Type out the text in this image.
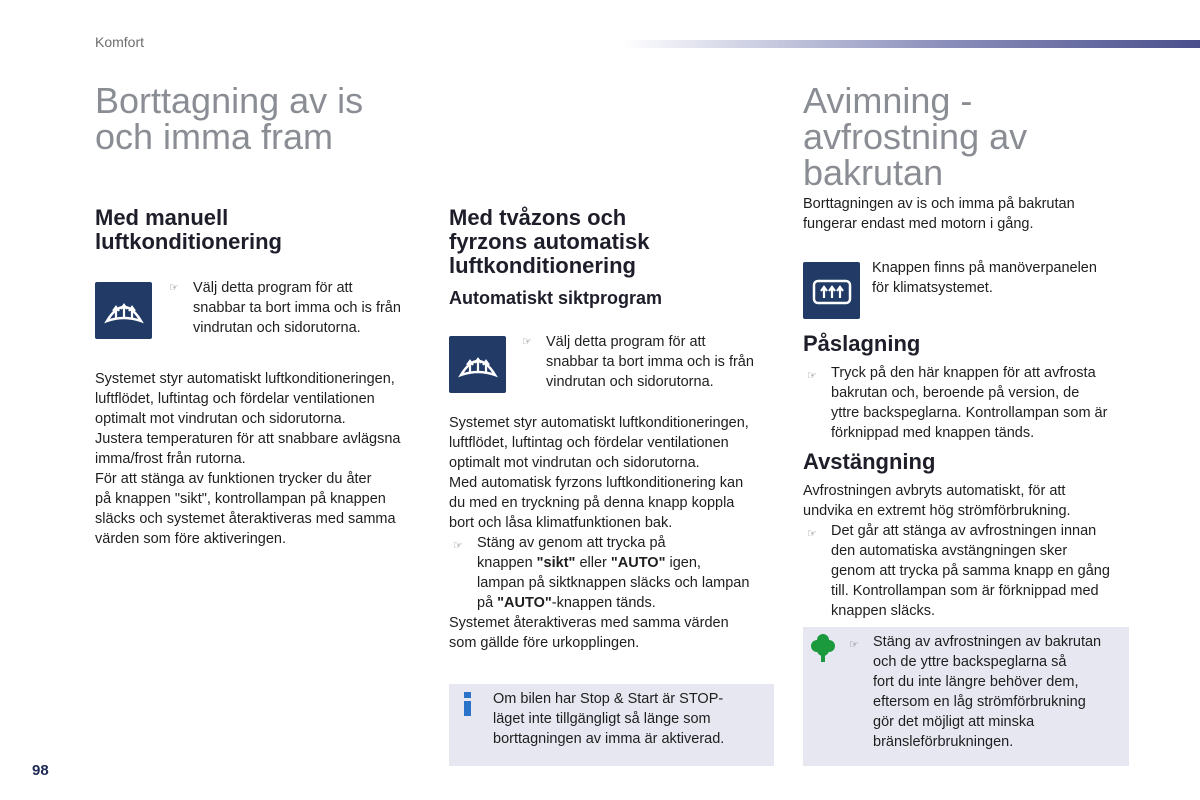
Komfort
Borttagning av is
och imma fram
Med manuell
luftkonditionering
☞ Välj detta program för att
snabbar ta bort imma och is från
vindrutan och sidorutorna.
Systemet styr automatiskt luftkonditioneringen,
luftflödet, luftintag och fördelar ventilationen
optimalt mot vindrutan och sidorutorna.
Justera temperaturen för att snabbare avlägsna
imma/frost från rutorna.
För att stänga av funktionen trycker du åter
på knappen "sikt", kontrollampan på knappen
släcks och systemet återaktiveras med samma
värden som före aktiveringen.
Med tvåzons och
fyrzons automatisk
luftkonditionering
Automatiskt siktprogram
☞ Välj detta program för att
snabbar ta bort imma och is från
vindrutan och sidorutorna.
Systemet styr automatiskt luftkonditioneringen,
luftflödet, luftintag och fördelar ventilationen
optimalt mot vindrutan och sidorutorna.
Med automatisk fyrzons luftkonditionering kan
du med en tryckning på denna knapp koppla
bort och låsa klimatfunktionen bak.
☞ Stäng av genom att trycka på
knappen "sikt" eller "AUTO" igen,
lampan på siktknappen släcks och lampan
på "AUTO"-knappen tänds.
Systemet återaktiveras med samma värden
som gällde före urkopplingen.
Om bilen har Stop & Start är STOP-
läget inte tillgängligt så länge som
borttagningen av imma är aktiverad.
Avimning -
avfrostning av
bakrutan
Borttagningen av is och imma på bakrutan
fungerar endast med motorn i gång.
Knappen finns på manöverpanelen
för klimatsystemet.
Påslagning
☞ Tryck på den här knappen för att avfrosta
bakrutan och, beroende på version, de
yttre backspeglarna. Kontrollampan som är
förknippad med knappen tänds.
Avstängning
Avfrostningen avbryts automatiskt, för att
undvika en extremt hög strömförbrukning.
☞ Det går att stänga av avfrostningen innan
den automatiska avstängningen sker
genom att trycka på samma knapp en gång
till. Kontrollampan som är förknippad med
knappen släcks.
☞ Stäng av avfrostningen av bakrutan
och de yttre backspeglarna så
fort du inte längre behöver dem,
eftersom en låg strömförbrukning
gör det möjligt att minska
bränsleförbrukningen.
98
